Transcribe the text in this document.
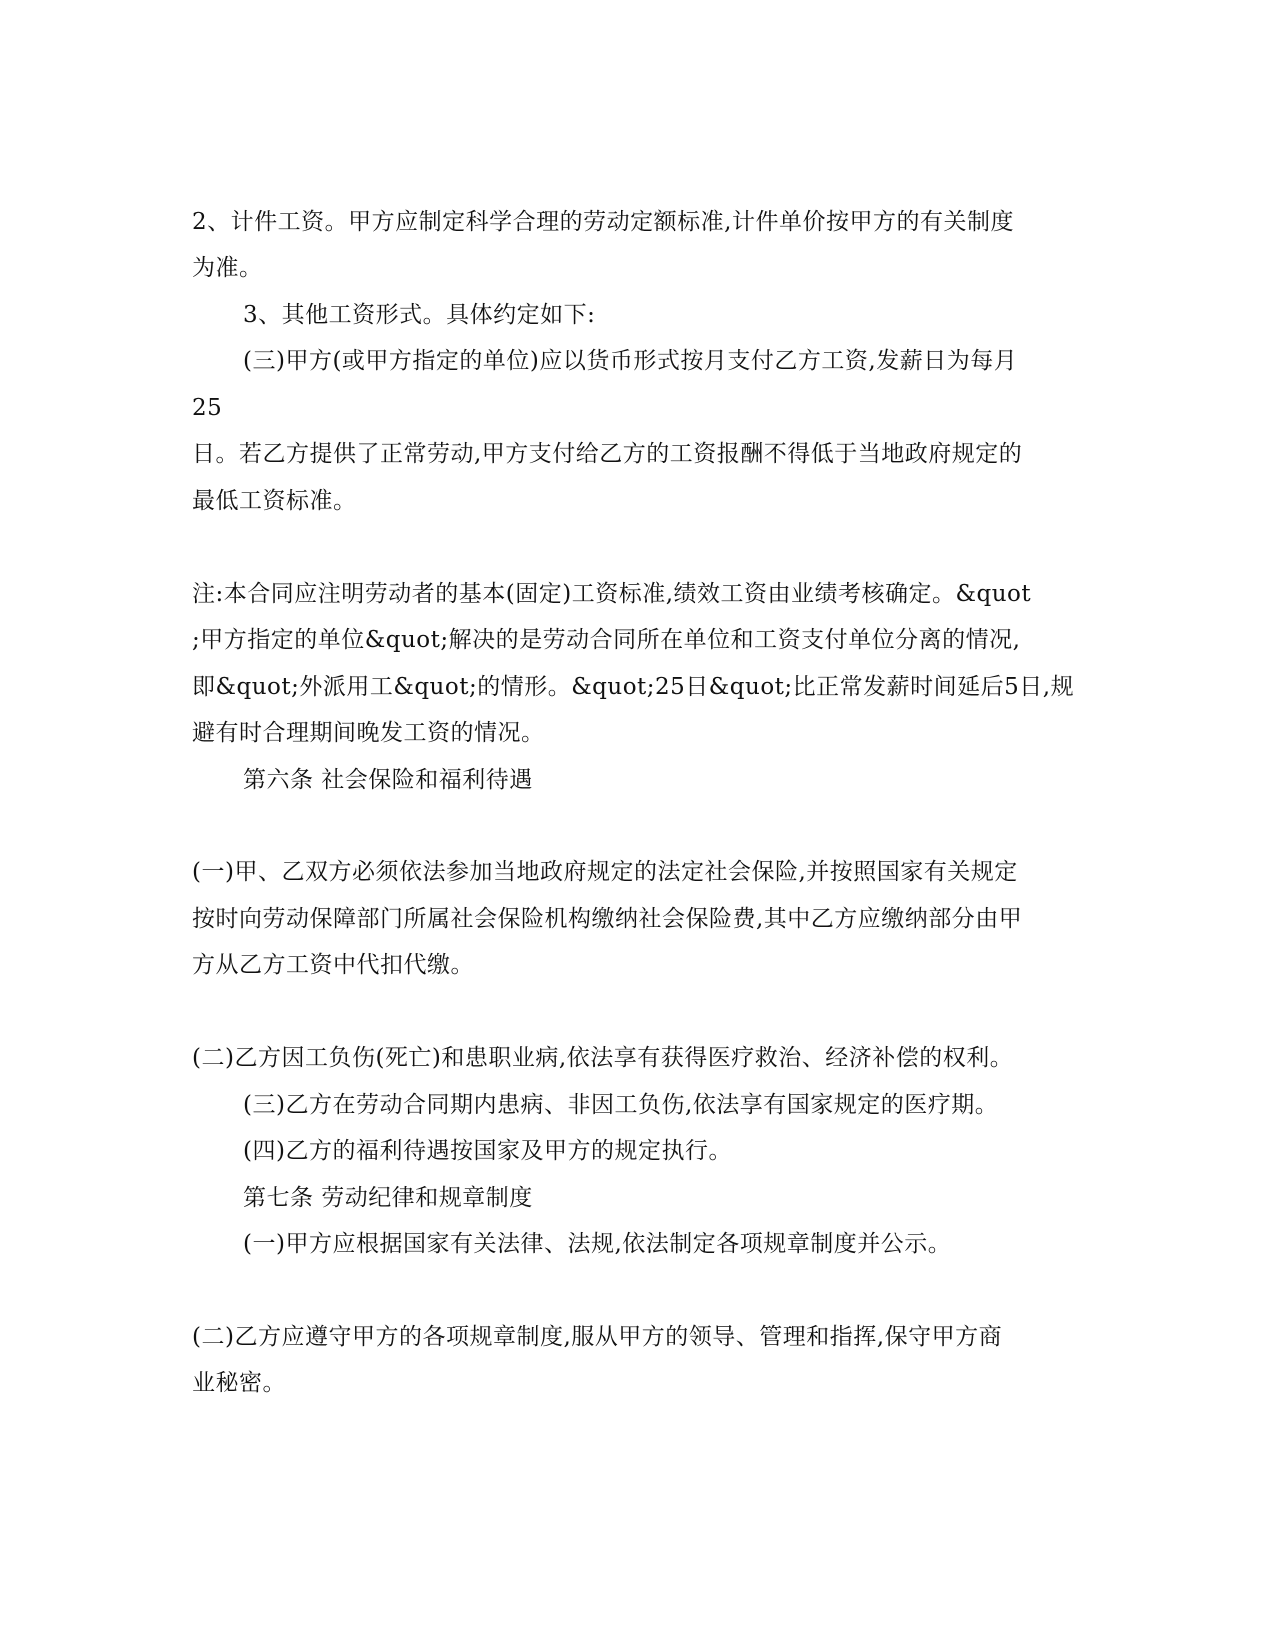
2、计件工资。甲方应制定科学合理的劳动定额标准,计件单价按甲方的有关制度
为准。
3、其他工资形式。具体约定如下:
(三)甲方(或甲方指定的单位)应以货币形式按月支付乙方工资,发薪日为每月
25
日。若乙方提供了正常劳动,甲方支付给乙方的工资报酬不得低于当地政府规定的
最低工资标准。
注:本合同应注明劳动者的基本(固定)工资标准,绩效工资由业绩考核确定。&quot
;甲方指定的单位&quot;解决的是劳动合同所在单位和工资支付单位分离的情况,
即&quot;外派用工&quot;的情形。&quot;25日&quot;比正常发薪时间延后5日,规
避有时合理期间晚发工资的情况。
第六条 社会保险和福利待遇
(一)甲、乙双方必须依法参加当地政府规定的法定社会保险,并按照国家有关规定
按时向劳动保障部门所属社会保险机构缴纳社会保险费,其中乙方应缴纳部分由甲
方从乙方工资中代扣代缴。
(二)乙方因工负伤(死亡)和患职业病,依法享有获得医疗救治、经济补偿的权利。
(三)乙方在劳动合同期内患病、非因工负伤,依法享有国家规定的医疗期。
(四)乙方的福利待遇按国家及甲方的规定执行。
第七条 劳动纪律和规章制度
(一)甲方应根据国家有关法律、法规,依法制定各项规章制度并公示。
(二)乙方应遵守甲方的各项规章制度,服从甲方的领导、管理和指挥,保守甲方商
业秘密。
